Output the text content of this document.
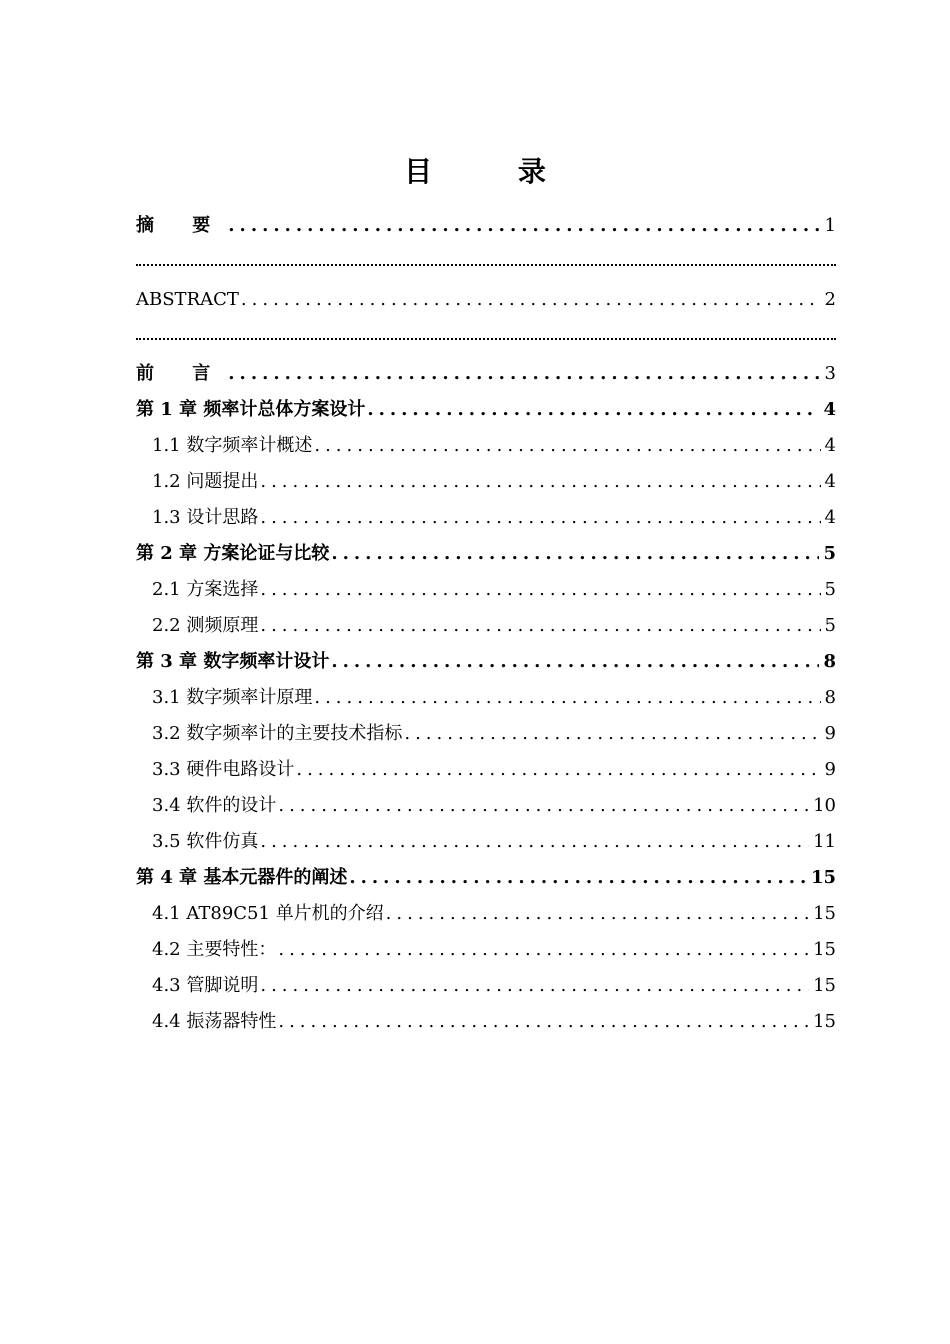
目 录
摘 要 .....	1
ABSTRACT .....	2
前 言 .....	3
第 1 章 频率计总体方案设计 .....	4
1.1 数字频率计概述 .....	4
1.2 问题提出 .....	4
1.3 设计思路 .....	4
第 2 章 方案论证与比较 .....	5
2.1 方案选择 .....	5
2.2 测频原理 .....	5
第 3 章 数字频率计设计 .....	8
3.1 数字频率计原理 .....	8
3.2 数字频率计的主要技术指标 .....	9
3.3 硬件电路设计 .....	9
3.4 软件的设计 .....	10
3.5 软件仿真 .....	11
第 4 章 基本元器件的阐述 .....	15
4.1 AT89C51 单片机的介绍 .....	15
4.2 主要特性： .....	15
4.3 管脚说明 .....	15
4.4 振荡器特性 .....	15
